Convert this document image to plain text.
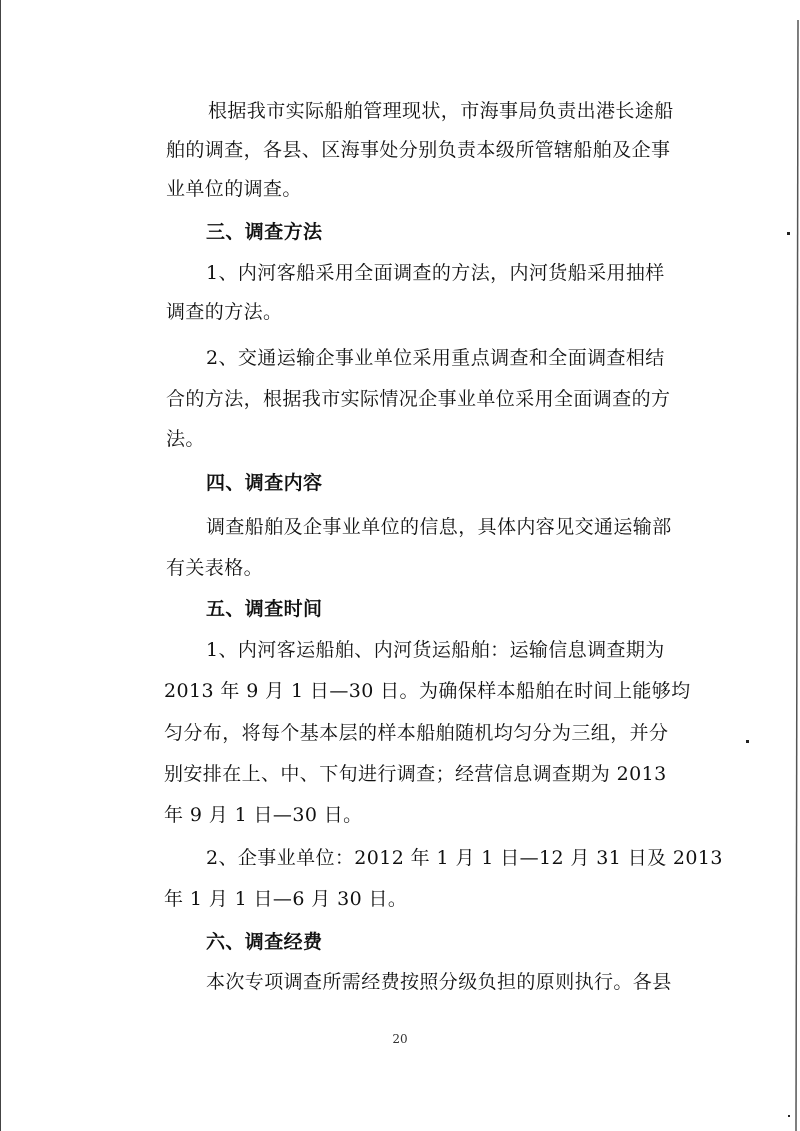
根据我市实际船舶管理现状，市海事局负责出港长途船

舶的调查，各县、区海事处分别负责本级所管辖船舶及企事

业单位的调查。

三、调查方法

1、内河客船采用全面调查的方法，内河货船采用抽样

调查的方法。

2、交通运输企事业单位采用重点调查和全面调查相结

合的方法，根据我市实际情况企事业单位采用全面调查的方

法。

四、调查内容

调查船舶及企事业单位的信息，具体内容见交通运输部

有关表格。

五、调查时间

1、内河客运船舶、内河货运船舶：运输信息调查期为

2013 年 9 月 1 日—30 日。为确保样本船舶在时间上能够均

匀分布，将每个基本层的样本船舶随机均匀分为三组，并分

别安排在上、中、下旬进行调查；经营信息调查期为 2013

年 9 月 1 日—30 日。

2、企事业单位：2012 年 1 月 1 日—12 月 31 日及 2013

年 1 月 1 日—6 月 30 日。

六、调查经费

本次专项调查所需经费按照分级负担的原则执行。各县

20
